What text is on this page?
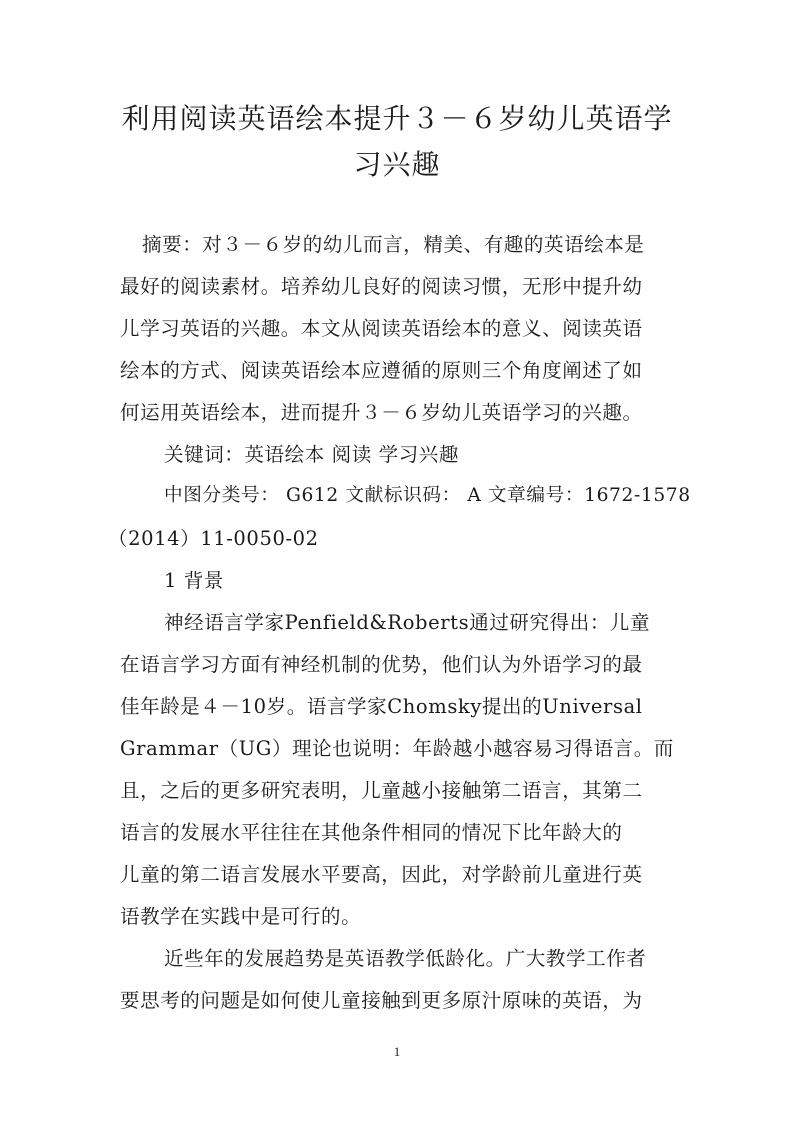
利用阅读英语绘本提升３－６岁幼儿英语学
习兴趣
摘要：对３－６岁的幼儿而言，精美、有趣的英语绘本是
最好的阅读素材。培养幼儿良好的阅读习惯，无形中提升幼
儿学习英语的兴趣。本文从阅读英语绘本的意义、阅读英语
绘本的方式、阅读英语绘本应遵循的原则三个角度阐述了如
何运用英语绘本，进而提升３－６岁幼儿英语学习的兴趣。
关键词：英语绘本 阅读 学习兴趣
中图分类号： G612 文献标识码： A 文章编号：1672-1578
（2014）11-0050-02
1 背景
神经语言学家Penfield&Roberts通过研究得出：儿童
在语言学习方面有神经机制的优势，他们认为外语学习的最
佳年龄是４－10岁。语言学家Chomsky提出的Universal
Grammar（UG）理论也说明：年龄越小越容易习得语言。而
且，之后的更多研究表明，儿童越小接触第二语言，其第二
语言的发展水平往往在其他条件相同的情况下比年龄大的
儿童的第二语言发展水平要高，因此，对学龄前儿童进行英
语教学在实践中是可行的。
近些年的发展趋势是英语教学低龄化。广大教学工作者
要思考的问题是如何使儿童接触到更多原汁原味的英语，为
1
